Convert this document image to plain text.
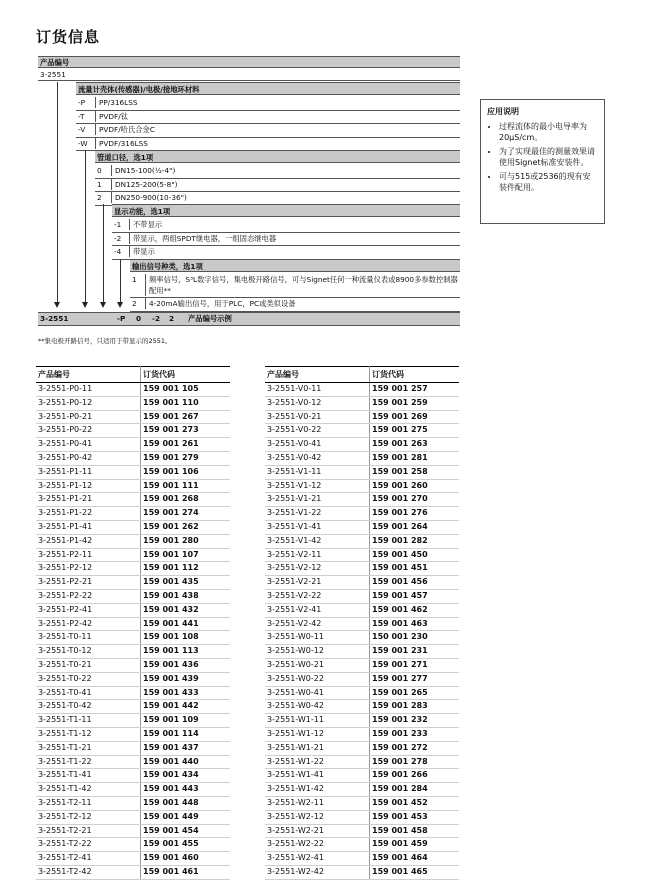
订货信息
产品编号
3-2551
流量计壳体(传感器)/电极/接地环材料
-P	PP/316LSS
-T	PVDF/钛
-V	PVDF/哈氏合金C
-W	PVDF/316LSS
管道口径，选1项
0	DN15-100(½-4")
1	DN125-200(5-8")
2	DN250-900(10-36")
显示功能，选1项
-1	不带显示
-2	带显示，两组SPDT继电器，一组固态继电器
-4	带显示
输出信号种类，选1项
1	频率信号，S³L数字信号，集电极开路信号，可与Signet任何一种流量仪表或8900多参数控制器配用**
2	4-20mA输出信号，用于PLC，PC或类似设备
3-2551	-P 0 -2 2 产品编号示例
**集电极开路信号，只适用于带显示的2551。
应用说明
• 过程流体的最小电导率为20μS/cm。
• 为了实现最佳的测量效果请使用Signet标准安装件。
• 可与515或2536的现有安装件配用。
产品编号	订货代码
3-2551-P0-11	159 001 105
3-2551-P0-12	159 001 110
3-2551-P0-21	159 001 267
3-2551-P0-22	159 001 273
3-2551-P0-41	159 001 261
3-2551-P0-42	159 001 279
3-2551-P1-11	159 001 106
3-2551-P1-12	159 001 111
3-2551-P1-21	159 001 268
3-2551-P1-22	159 001 274
3-2551-P1-41	159 001 262
3-2551-P1-42	159 001 280
3-2551-P2-11	159 001 107
3-2551-P2-12	159 001 112
3-2551-P2-21	159 001 435
3-2551-P2-22	159 001 438
3-2551-P2-41	159 001 432
3-2551-P2-42	159 001 441
3-2551-T0-11	159 001 108
3-2551-T0-12	159 001 113
3-2551-T0-21	159 001 436
3-2551-T0-22	159 001 439
3-2551-T0-41	159 001 433
3-2551-T0-42	159 001 442
3-2551-T1-11	159 001 109
3-2551-T1-12	159 001 114
3-2551-T1-21	159 001 437
3-2551-T1-22	159 001 440
3-2551-T1-41	159 001 434
3-2551-T1-42	159 001 443
3-2551-T2-11	159 001 448
3-2551-T2-12	159 001 449
3-2551-T2-21	159 001 454
3-2551-T2-22	159 001 455
3-2551-T2-41	159 001 460
3-2551-T2-42	159 001 461
产品编号	订货代码
3-2551-V0-11	159 001 257
3-2551-V0-12	159 001 259
3-2551-V0-21	159 001 269
3-2551-V0-22	159 001 275
3-2551-V0-41	159 001 263
3-2551-V0-42	159 001 281
3-2551-V1-11	159 001 258
3-2551-V1-12	159 001 260
3-2551-V1-21	159 001 270
3-2551-V1-22	159 001 276
3-2551-V1-41	159 001 264
3-2551-V1-42	159 001 282
3-2551-V2-11	159 001 450
3-2551-V2-12	159 001 451
3-2551-V2-21	159 001 456
3-2551-V2-22	159 001 457
3-2551-V2-41	159 001 462
3-2551-V2-42	159 001 463
3-2551-W0-11	150 001 230
3-2551-W0-12	159 001 231
3-2551-W0-21	159 001 271
3-2551-W0-22	159 001 277
3-2551-W0-41	159 001 265
3-2551-W0-42	159 001 283
3-2551-W1-11	159 001 232
3-2551-W1-12	159 001 233
3-2551-W1-21	159 001 272
3-2551-W1-22	159 001 278
3-2551-W1-41	159 001 266
3-2551-W1-42	159 001 284
3-2551-W2-11	159 001 452
3-2551-W2-12	159 001 453
3-2551-W2-21	159 001 458
3-2551-W2-22	159 001 459
3-2551-W2-41	159 001 464
3-2551-W2-42	159 001 465
